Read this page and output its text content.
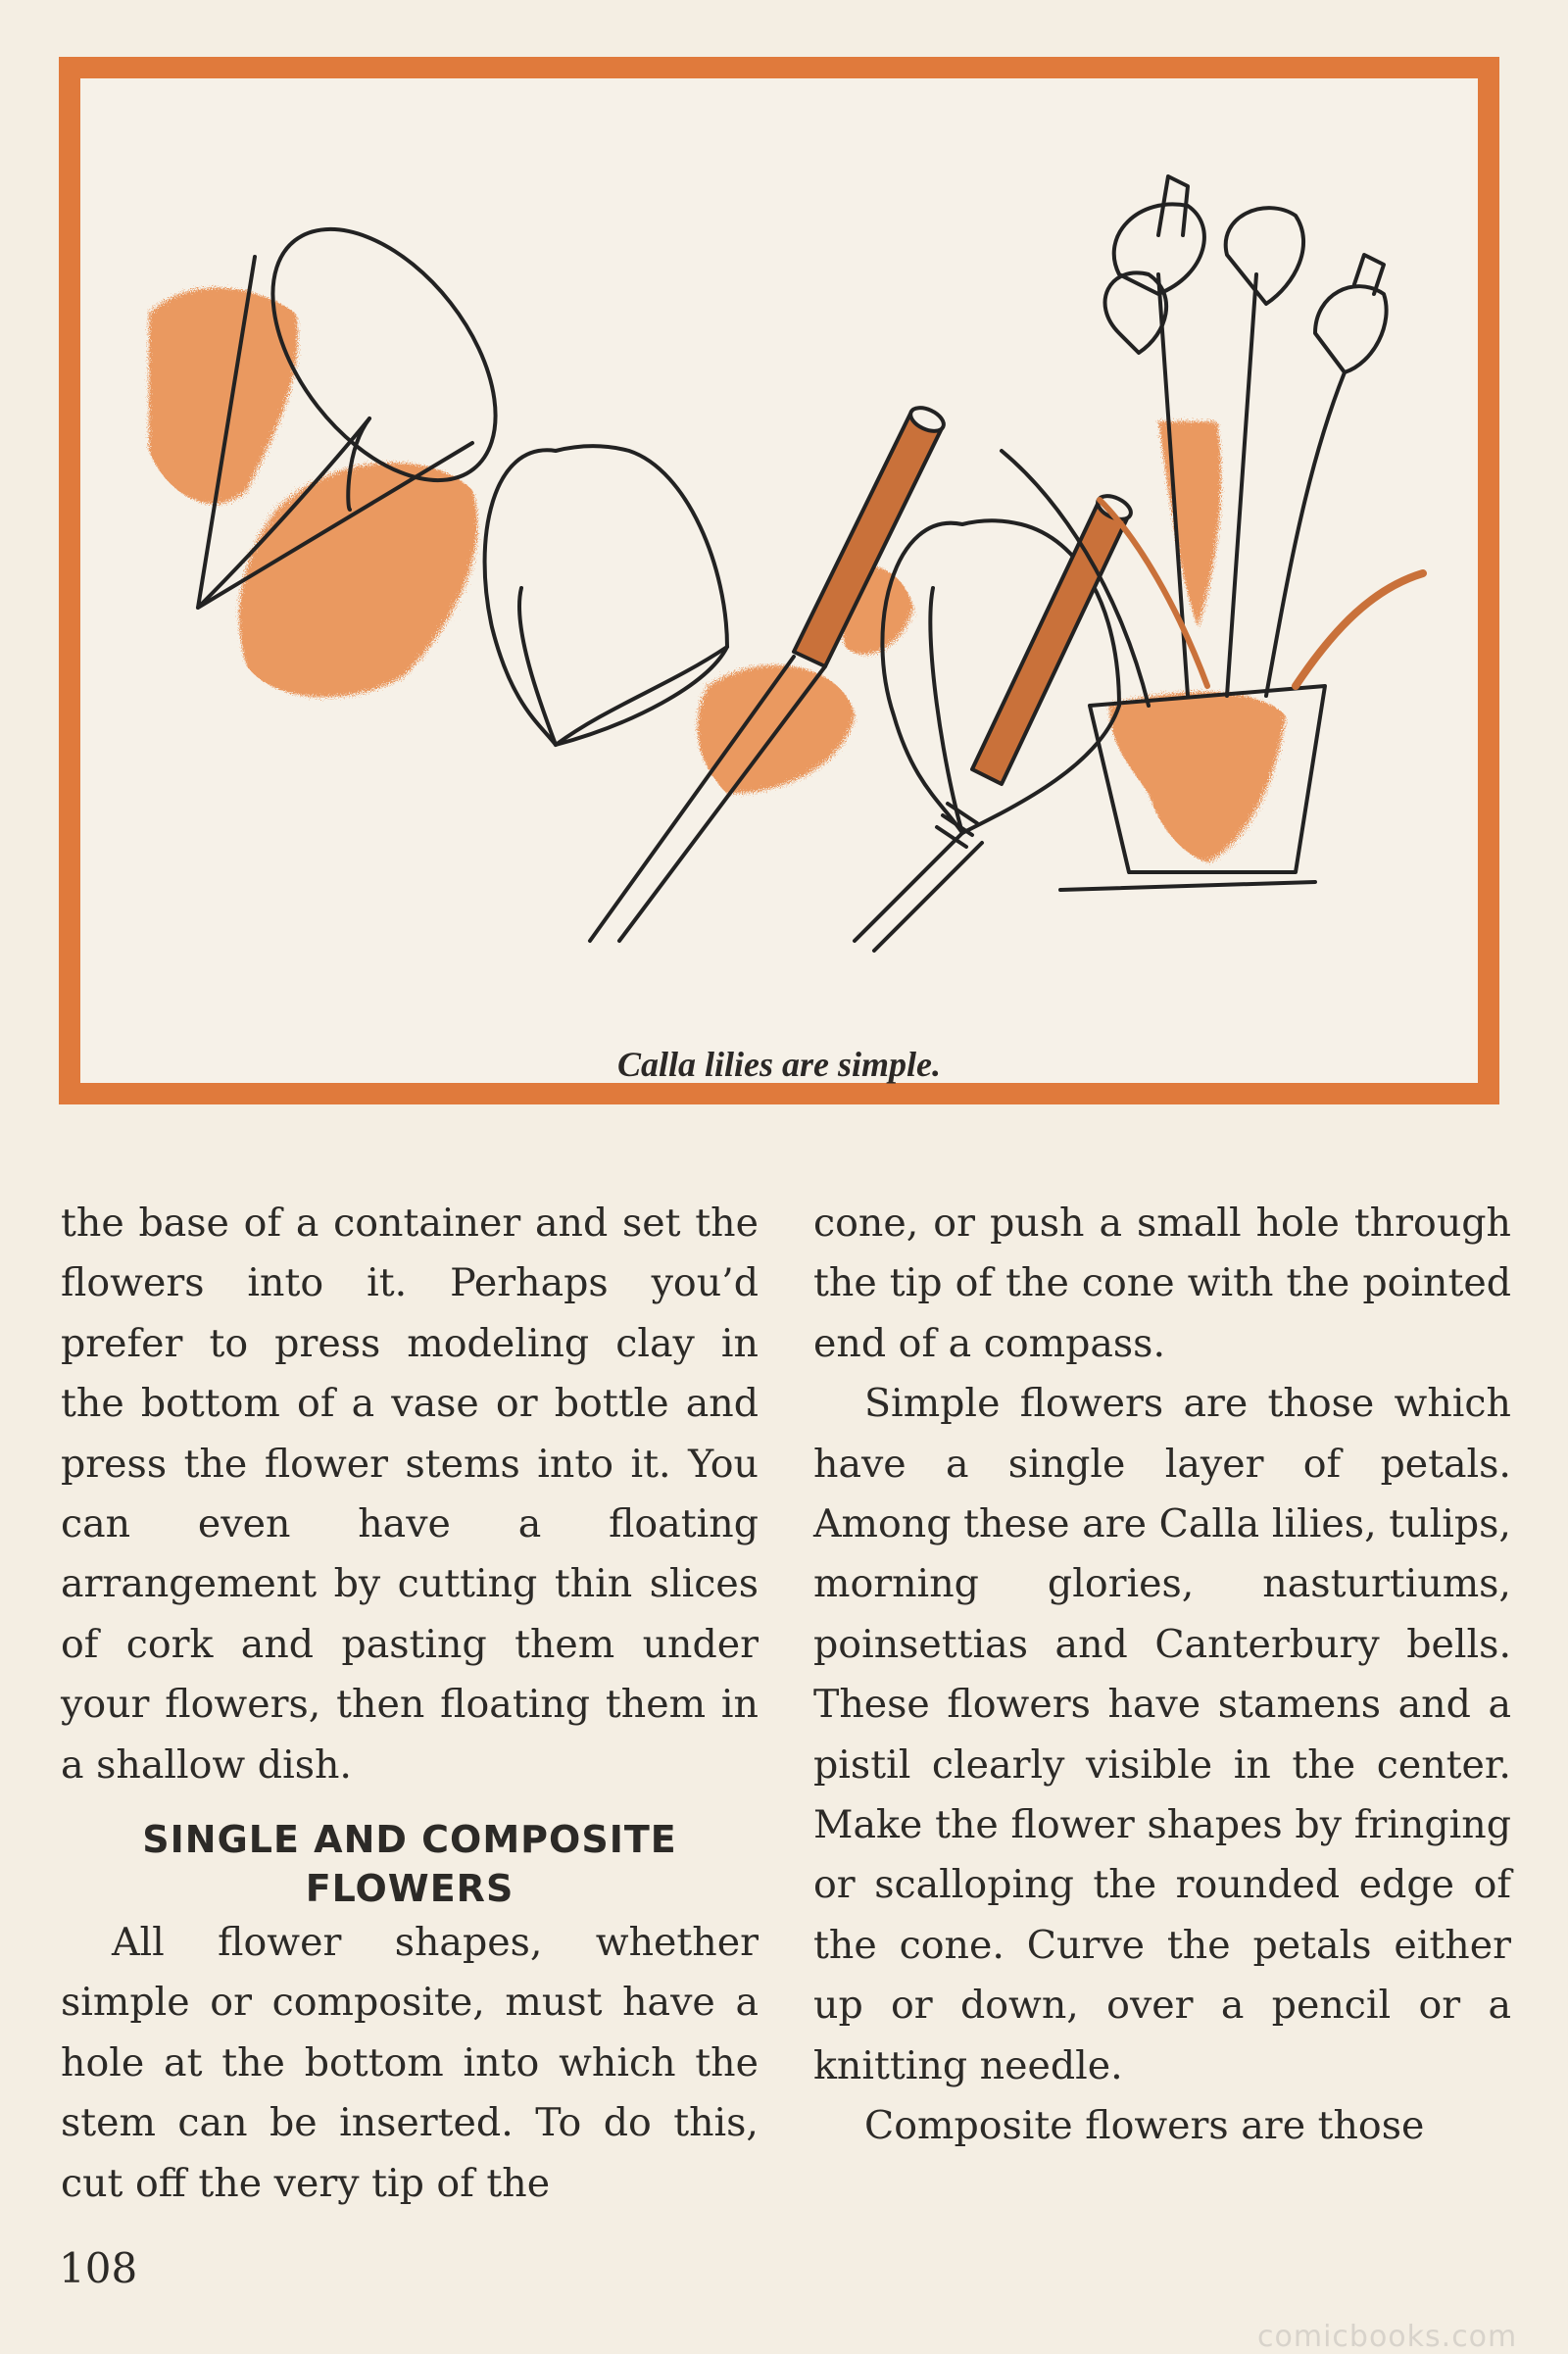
Calla lilies are simple.

the base of a container and set the flowers into it. Perhaps you’d prefer to press modeling clay in the bottom of a vase or bottle and press the flower stems into it. You can even have a floating arrangement by cutting thin slices of cork and pasting them under your flowers, then floating them in a shallow dish.

SINGLE AND COMPOSITE FLOWERS

All flower shapes, whether simple or composite, must have a hole at the bottom into which the stem can be inserted. To do this, cut off the very tip of the

cone, or push a small hole through the tip of the cone with the pointed end of a compass.

Simple flowers are those which have a single layer of petals. Among these are Calla lilies, tulips, morning glories, nasturtiums, poinsettias and Canterbury bells. These flowers have stamens and a pistil clearly visible in the center. Make the flower shapes by fringing or scalloping the rounded edge of the cone. Curve the petals either up or down, over a pencil or a knitting needle.

Composite flowers are those

108
comicbooks.com
